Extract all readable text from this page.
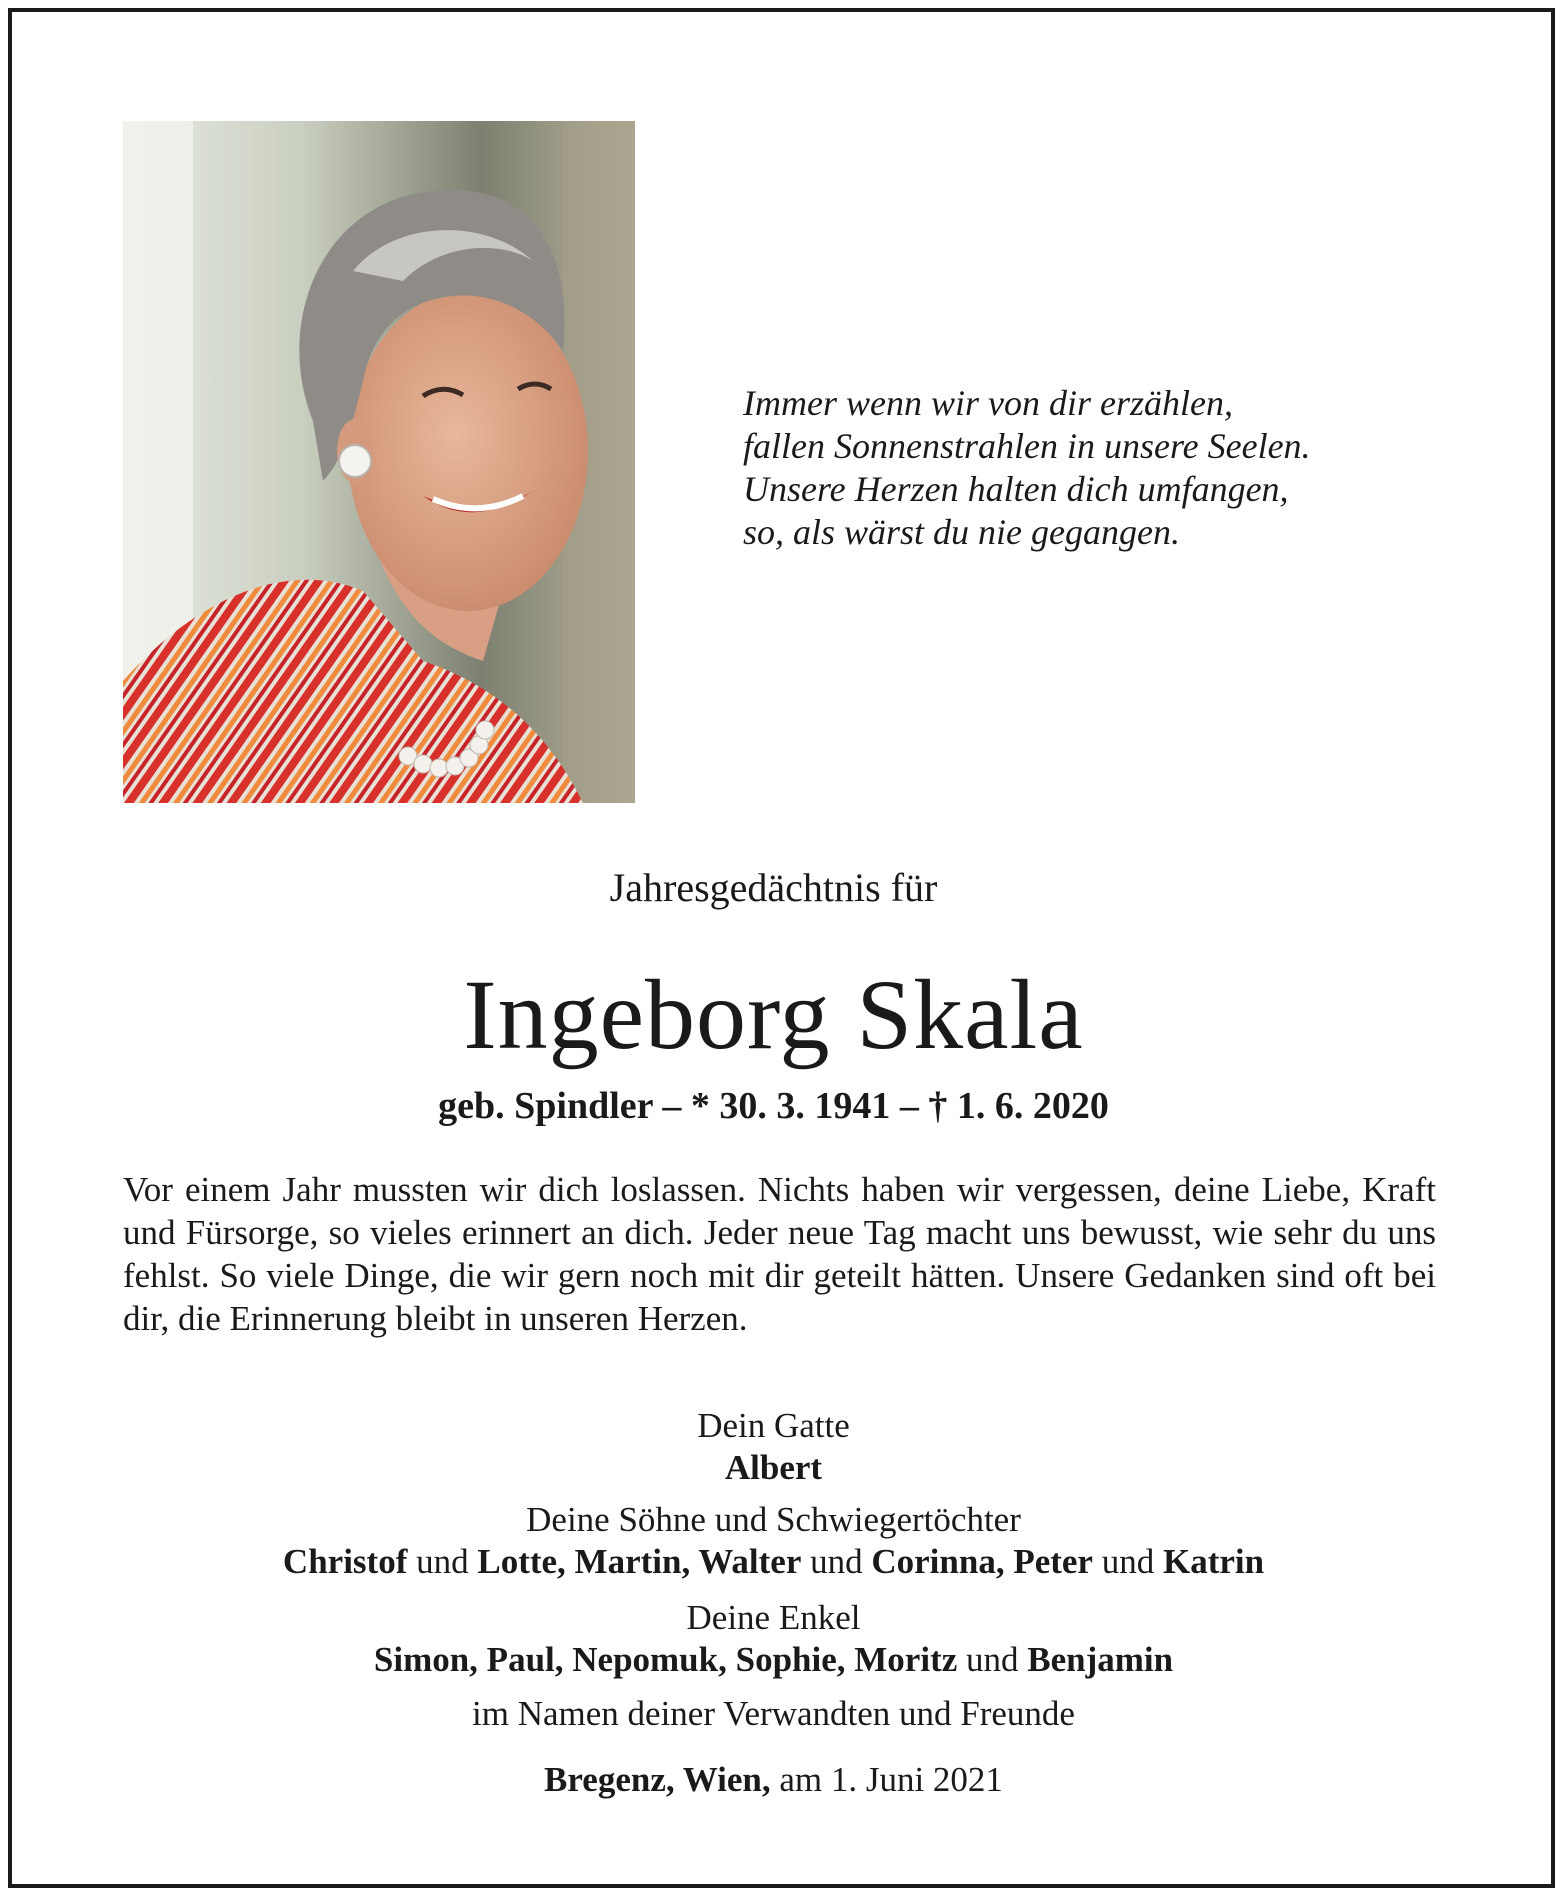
Immer wenn wir von dir erzählen,
fallen Sonnenstrahlen in unsere Seelen.
Unsere Herzen halten dich umfangen,
so, als wärst du nie gegangen.
Jahresgedächtnis für
Ingeborg Skala
geb. Spindler – * 30. 3. 1941 – † 1. 6. 2020
Vor einem Jahr mussten wir dich loslassen. Nichts haben wir vergessen, deine Liebe, Kraft und Fürsorge, so vieles erinnert an dich. Jeder neue Tag macht uns bewusst, wie sehr du uns fehlst. So viele Dinge, die wir gern noch mit dir geteilt hätten. Unsere Gedanken sind oft bei dir, die Erinnerung bleibt in unseren Herzen.
Dein Gatte
Albert
Deine Söhne und Schwiegertöchter
Christof und Lotte, Martin, Walter und Corinna, Peter und Katrin
Deine Enkel
Simon, Paul, Nepomuk, Sophie, Moritz und Benjamin
im Namen deiner Verwandten und Freunde
Bregenz, Wien, am 1. Juni 2021
